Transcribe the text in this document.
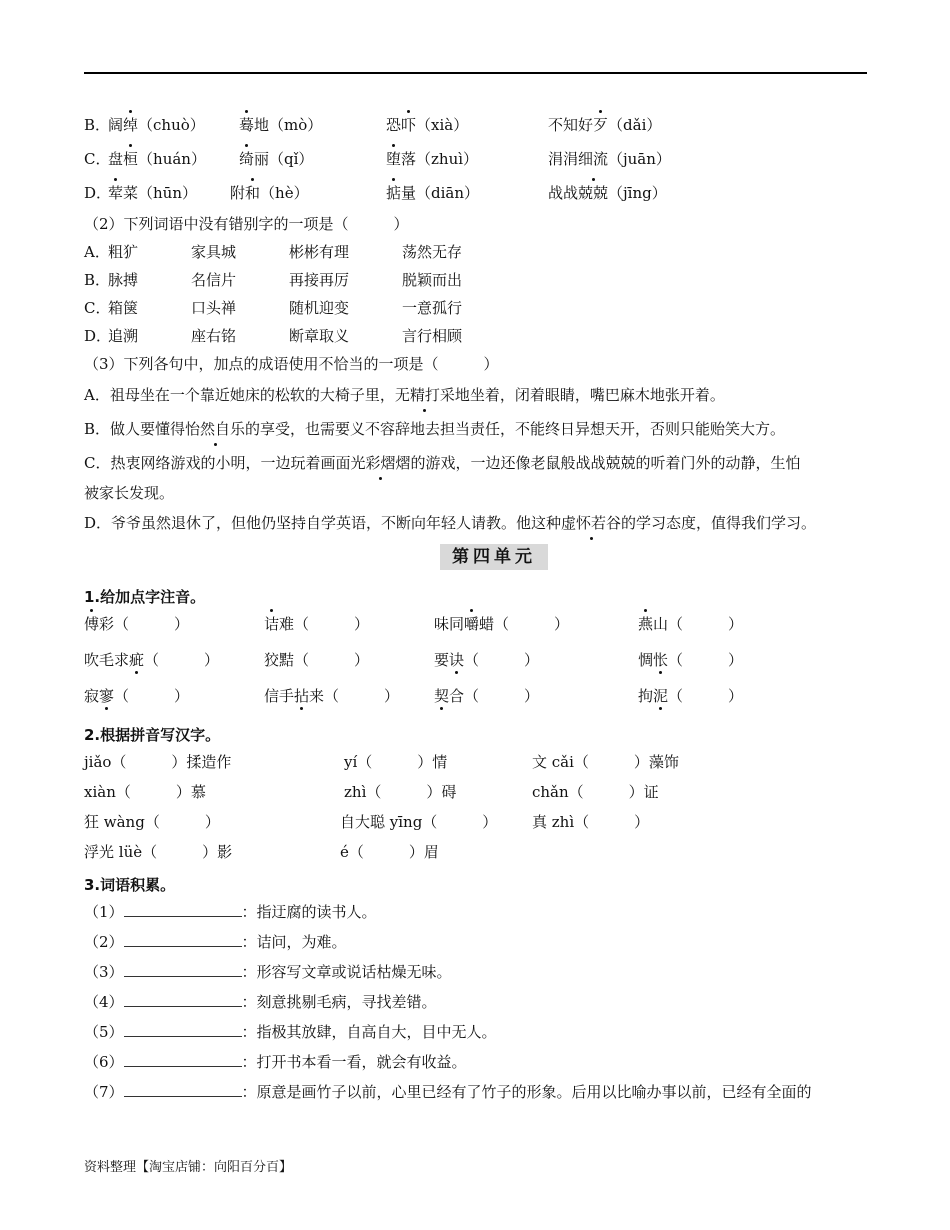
B．
阔绰（chuò） 蓦地（mò）	恐吓（xià）	不知好歹（dǎi）
C．
盘桓（huán） 绮丽（qǐ）	堕落（zhuì）	涓涓细流（juān）
D．
荤菜（hūn） 附和（hè）	掂量（diān）	战战兢兢（jīng）
（2）下列词语中没有错别字的一项是（　　　）
A．
粗犷	家具城	彬彬有理	荡然无存
B．
脉搏	名信片	再接再厉	脱颖而出
C．
箱箧	口头禅	随机迎变	一意孤行
D．
追溯	座右铭	断章取义	言行相顾
（3）下列各句中，加点的成语使用不恰当的一项是（　　　）
A．祖母坐在一个靠近她床的松软的大椅子里，无精打采地坐着，闭着眼睛，嘴巴麻木地张开着。
B．做人要懂得怡然自乐的享受，也需要义不容辞地去担当责任，不能终日异想天开，否则只能贻笑大方。
C．热衷网络游戏的小明，一边玩着画面光彩熠熠的游戏，一边还像老鼠般战战兢兢的听着门外的动静，生怕
被家长发现。
D．爷爷虽然退休了，但他仍坚持自学英语，不断向年轻人请教。他这种虚怀若谷的学习态度，值得我们学习。
第四单元
1.给加点字注音。
傅彩（　　　）	诘难（　　　）	味同嚼蜡（　　　）	燕山（　　　）
吹毛求疵（　　　）	狡黠（　　　）	要诀（　　　）	惆怅（　　　）
寂寥（　　　）	信手拈来（　　　） 契合（　　　）	拘泥（　　　）
2.根据拼音写汉字。
jiǎo（　　　）揉造作	yí（　　　）情	文 cǎi（　　　）藻饰
xiàn（　　　）慕	zhì（　　　）碍	chǎn（　　　）证
狂 wàng（　　　）	自大聪 yīng（　　　） 真 zhì（　　　）
浮光 lüè（　　　）影	é（　　　）眉
3.词语积累。
（1）	：指迂腐的读书人。
（2）	：诘问，为难。
（3）	：形容写文章或说话枯燥无味。
（4）	：刻意挑剔毛病，寻找差错。
（5）	：指极其放肆，自高自大，目中无人。
（6）	：打开书本看一看，就会有收益。
（7）	：原意是画竹子以前，心里已经有了竹子的形象。后用以比喻办事以前，已经有全面的
资料整理【淘宝店铺：向阳百分百】
